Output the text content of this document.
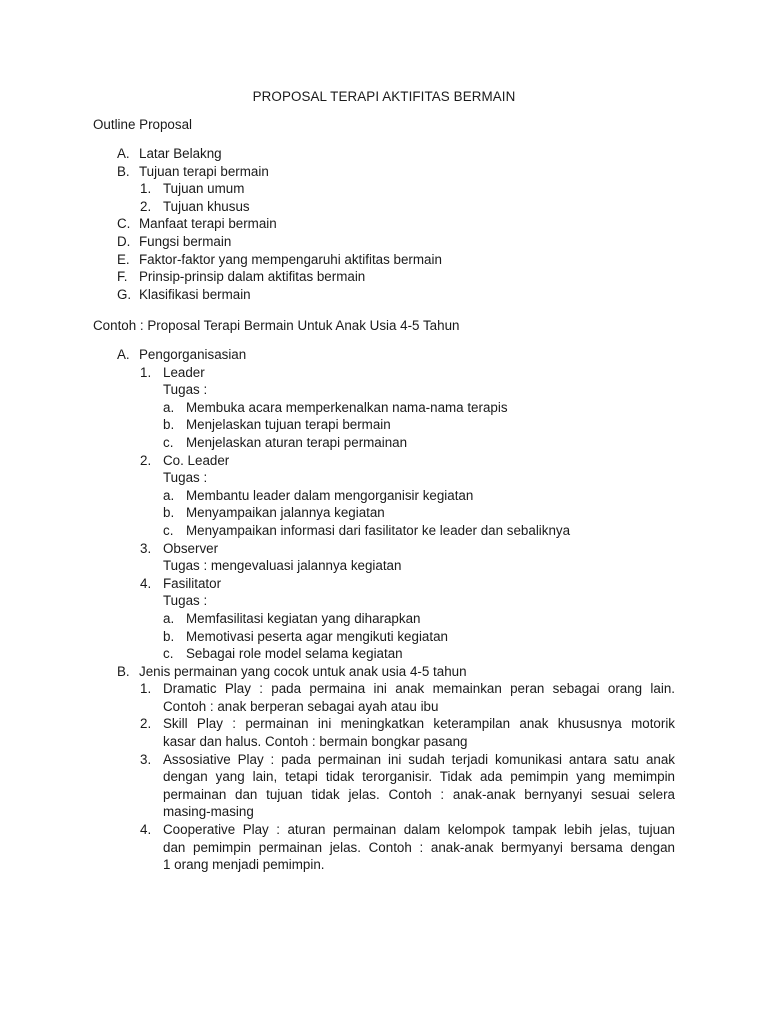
PROPOSAL TERAPI AKTIFITAS BERMAIN
Outline Proposal
A. Latar Belakng
B. Tujuan terapi bermain
1. Tujuan umum
2. Tujuan khusus
C. Manfaat terapi bermain
D. Fungsi bermain
E. Faktor-faktor yang mempengaruhi aktifitas bermain
F. Prinsip-prinsip dalam aktifitas bermain
G. Klasifikasi bermain
Contoh : Proposal Terapi Bermain Untuk Anak Usia 4-5 Tahun
A. Pengorganisasian
1. Leader
Tugas :
a. Membuka acara memperkenalkan nama-nama terapis
b. Menjelaskan tujuan terapi bermain
c. Menjelaskan aturan terapi permainan
2. Co. Leader
Tugas :
a. Membantu leader dalam mengorganisir kegiatan
b. Menyampaikan jalannya kegiatan
c. Menyampaikan informasi dari fasilitator ke leader dan sebaliknya
3. Observer
Tugas : mengevaluasi jalannya kegiatan
4. Fasilitator
Tugas :
a. Memfasilitasi kegiatan yang diharapkan
b. Memotivasi peserta agar mengikuti kegiatan
c. Sebagai role model selama kegiatan
B. Jenis permainan yang cocok untuk anak usia 4-5 tahun
1. Dramatic Play : pada permaina ini anak memainkan peran sebagai orang lain.
Contoh : anak berperan sebagai ayah atau ibu
2. Skill Play : permainan ini meningkatkan keterampilan anak khususnya motorik
kasar dan halus. Contoh : bermain bongkar pasang
3. Assosiative Play : pada permainan ini sudah terjadi komunikasi antara satu anak
dengan yang lain, tetapi tidak terorganisir. Tidak ada pemimpin yang memimpin
permainan dan tujuan tidak jelas. Contoh : anak-anak bernyanyi sesuai selera
masing-masing
4. Cooperative Play : aturan permainan dalam kelompok tampak lebih jelas, tujuan
dan pemimpin permainan jelas. Contoh : anak-anak bermyanyi bersama dengan
1 orang menjadi pemimpin.
